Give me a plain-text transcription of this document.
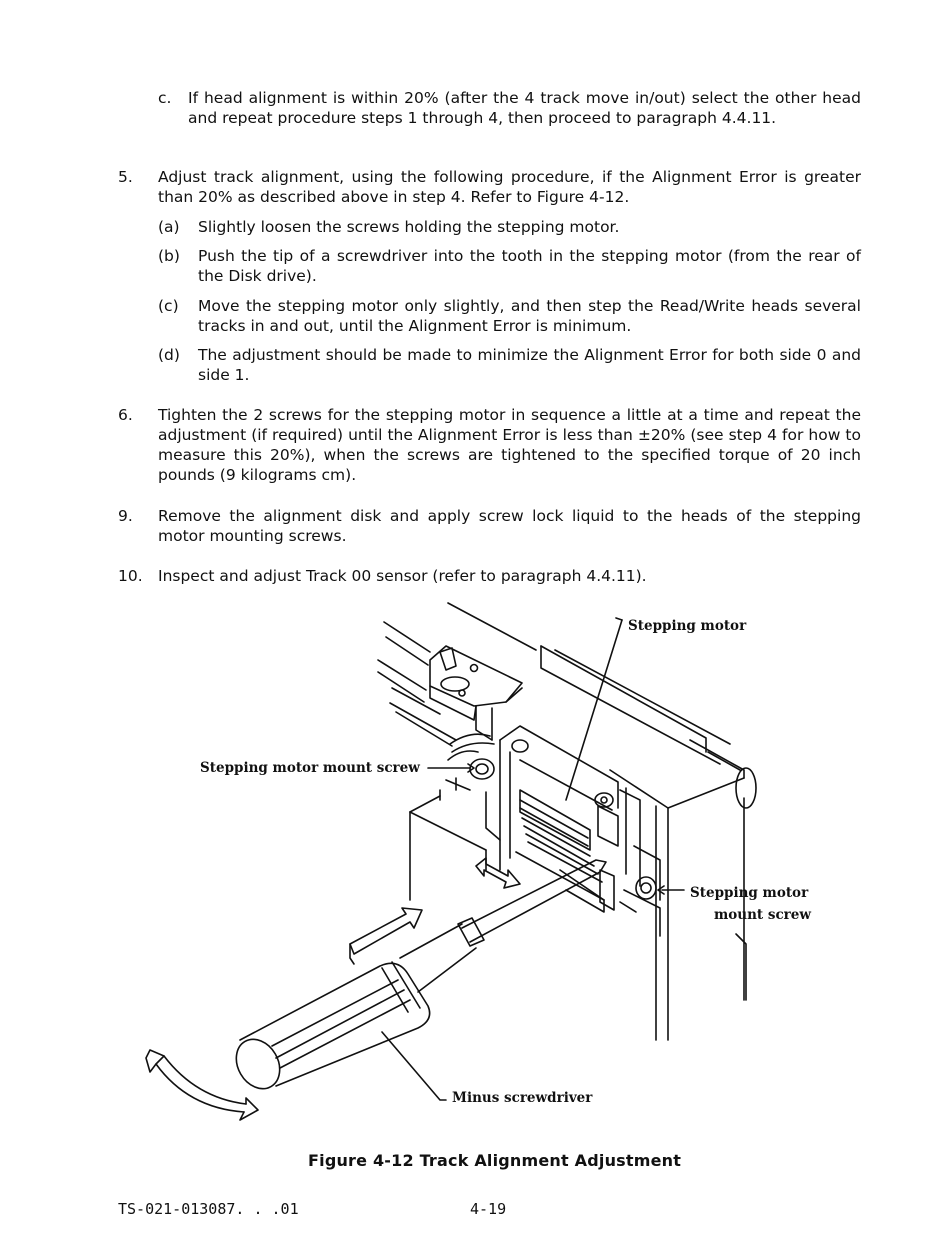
c. If head alignment is within 20% (after the 4 track move in/out) select the other head and repeat procedure steps 1 through 4, then proceed to paragraph 4.4.11.
5. Adjust track alignment, using the following procedure, if the Alignment Error is greater than 20% as described above in step 4. Refer to Figure 4-12.
(a) Slightly loosen the screws holding the stepping motor.
(b) Push the tip of a screwdriver into the tooth in the stepping motor (from the rear of the Disk drive).
(c) Move the stepping motor only slightly, and then step the Read/Write heads several tracks in and out, until the Alignment Error is minimum.
(d) The adjustment should be made to minimize the Alignment Error for both side 0 and side 1.
6. Tighten the 2 screws for the stepping motor in sequence a little at a time and repeat the adjustment (if required) until the Alignment Error is less than ±20% (see step 4 for how to measure this 20%), when the screws are tightened to the specified torque of 20 inch pounds (9 kilograms cm).
9. Remove the alignment disk and apply screw lock liquid to the heads of the stepping motor mounting screws.
10. Inspect and adjust Track 00 sensor (refer to paragraph 4.4.11).
Stepping motor
Stepping motor mount screw
Stepping motor
mount screw
Minus screwdriver
Figure 4-12 Track Alignment Adjustment
TS-021-013087. . .01	4-19
